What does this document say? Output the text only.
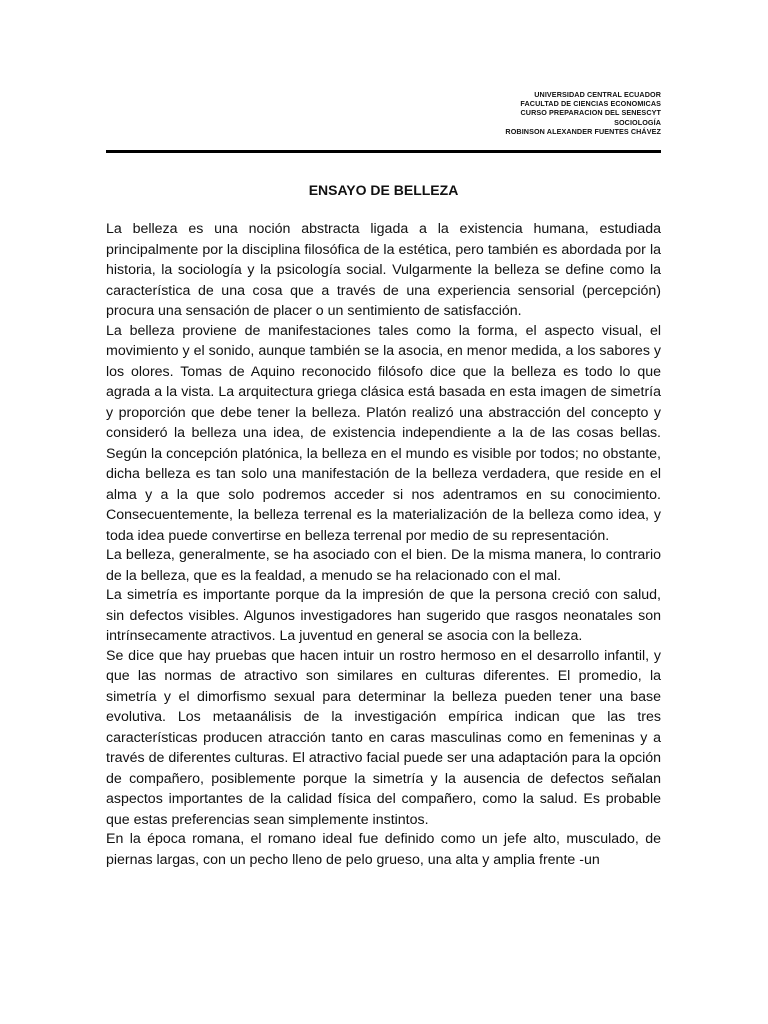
UNIVERSIDAD CENTRAL ECUADOR
FACULTAD DE CIENCIAS ECONOMICAS
CURSO PREPARACION DEL SENESCYT
SOCIOLOGÍA
ROBINSON ALEXANDER FUENTES CHÁVEZ
ENSAYO DE BELLEZA

La belleza es una noción abstracta ligada a la existencia humana, estudiada principalmente por la disciplina filosófica de la estética, pero también es abordada por la historia, la sociología y la psicología social. Vulgarmente la belleza se define como la característica de una cosa que a través de una experiencia sensorial (percepción) procura una sensación de placer o un sentimiento de satisfacción.

La belleza proviene de manifestaciones tales como la forma, el aspecto visual, el movimiento y el sonido, aunque también se la asocia, en menor medida, a los sabores y los olores. Tomas de Aquino reconocido filósofo dice que la belleza es todo lo que agrada a la vista. La arquitectura griega clásica está basada en esta imagen de simetría y proporción que debe tener la belleza. Platón realizó una abstracción del concepto y consideró la belleza una idea, de existencia independiente a la de las cosas bellas. Según la concepción platónica, la belleza en el mundo es visible por todos; no obstante, dicha belleza es tan solo una manifestación de la belleza verdadera, que reside en el alma y a la que solo podremos acceder si nos adentramos en su conocimiento. Consecuentemente, la belleza terrenal es la materialización de la belleza como idea, y toda idea puede convertirse en belleza terrenal por medio de su representación.

La belleza, generalmente, se ha asociado con el bien. De la misma manera, lo contrario de la belleza, que es la fealdad, a menudo se ha relacionado con el mal.

La simetría es importante porque da la impresión de que la persona creció con salud, sin defectos visibles. Algunos investigadores han sugerido que rasgos neonatales son intrínsecamente atractivos. La juventud en general se asocia con la belleza.

Se dice que hay pruebas que hacen intuir un rostro hermoso en el desarrollo infantil, y que las normas de atractivo son similares en culturas diferentes. El promedio, la simetría y el dimorfismo sexual para determinar la belleza pueden tener una base evolutiva. Los metaanálisis de la investigación empírica indican que las tres características producen atracción tanto en caras masculinas como en femeninas y a través de diferentes culturas. El atractivo facial puede ser una adaptación para la opción de compañero, posiblemente porque la simetría y la ausencia de defectos señalan aspectos importantes de la calidad física del compañero, como la salud. Es probable que estas preferencias sean simplemente instintos.

En la época romana, el romano ideal fue definido como un jefe alto, musculado, de piernas largas, con un pecho lleno de pelo grueso, una alta y amplia frente -un
